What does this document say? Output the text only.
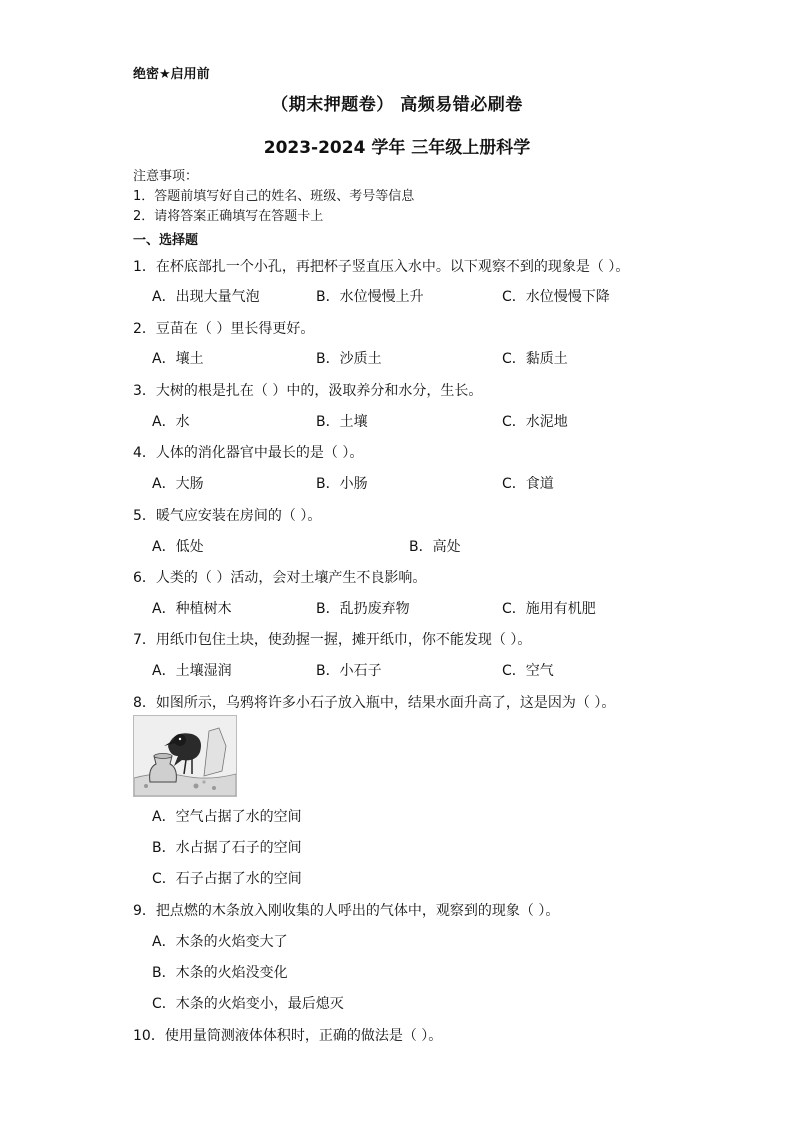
绝密★启用前
（期末押题卷） 高频易错必刷卷
2023-2024 学年 三年级上册科学
注意事项：
1．答题前填写好自己的姓名、班级、考号等信息
2．请将答案正确填写在答题卡上
一、选择题
1．在杯底部扎一个小孔，再把杯子竖直压入水中。以下观察不到的现象是（ ）。
A．出现大量气泡	B．水位慢慢上升	C．水位慢慢下降
2．豆苗在（ ）里长得更好。
A．壤土	B．沙质土	C．黏质土
3．大树的根是扎在（ ）中的，汲取养分和水分，生长。
A．水	B．土壤	C．水泥地
4．人体的消化器官中最长的是（ ）。
A．大肠	B．小肠	C．食道
5．暖气应安装在房间的（ ）。
A．低处	B．高处
6．人类的（ ）活动，会对土壤产生不良影响。
A．种植树木	B．乱扔废弃物	C．施用有机肥
7．用纸巾包住土块，使劲握一握，摊开纸巾，你不能发现（ ）。
A．土壤湿润	B．小石子	C．空气
8．如图所示，乌鸦将许多小石子放入瓶中，结果水面升高了，这是因为（ ）。
A．空气占据了水的空间
B．水占据了石子的空间
C．石子占据了水的空间
9．把点燃的木条放入刚收集的人呼出的气体中，观察到的现象（ ）。
A．木条的火焰变大了
B．木条的火焰没变化
C．木条的火焰变小，最后熄灭
10．使用量筒测液体体积时，正确的做法是（ ）。
